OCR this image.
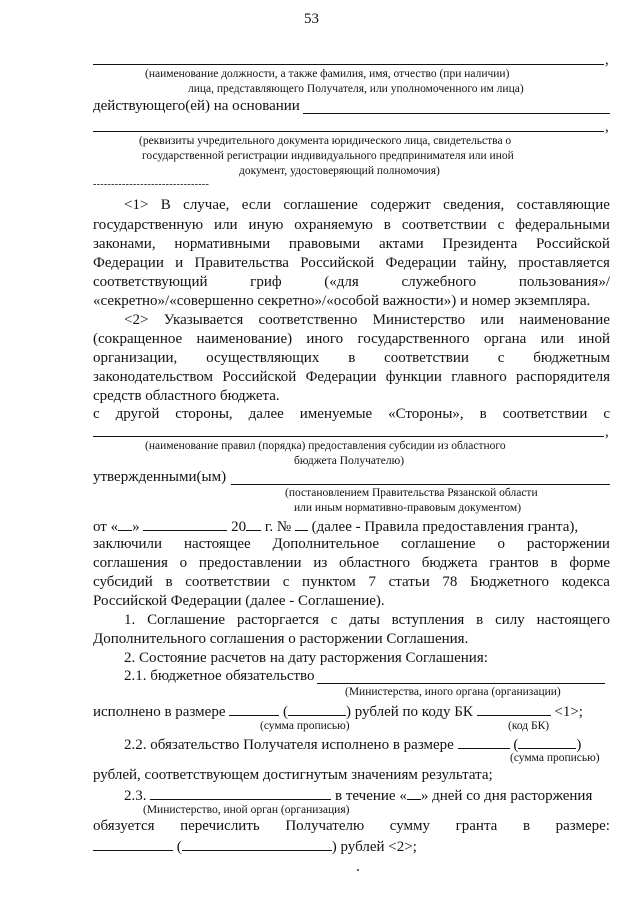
53
,
(наименование должности, а также фамилия, имя, отчество (при наличии)
лица, представляющего Получателя, или уполномоченного им лица)
действующего(ей) на основании
,
(реквизиты учредительного документа юридического лица, свидетельства о
государственной регистрации индивидуального предпринимателя или иной
документ, удостоверяющий полномочия)
--------------------------------
<1> В случае, если соглашение содержит сведения, составляющие
государственную или иную охраняемую в соответствии с федеральными
законами, нормативными правовыми актами Президента Российской
Федерации и Правительства Российской Федерации тайну, проставляется
соответствующий	гриф	(«для	служебного	пользования»/
«секретно»/«совершенно секретно»/«особой важности») и номер экземпляра.
<2> Указывается соответственно Министерство или наименование
(сокращенное наименование) иного государственного органа или иной
организации, осуществляющих в соответствии с бюджетным
законодательством Российской Федерации функции главного распорядителя
средств областного бюджета.
с другой стороны, далее именуемые «Стороны», в соответствии с
,
(наименование правил (порядка) предоставления субсидии из областного
бюджета Получателю)
утвержденными(ым)
(постановлением Правительства Рязанской области
или иным нормативно-правовым документом)
от « »	20 г. № (далее - Правила предоставления гранта),
заключили настоящее Дополнительное соглашение о расторжении
соглашения о предоставлении из областного бюджета грантов в форме
субсидий в соответствии с пунктом 7 статьи 78 Бюджетного кодекса
Российской Федерации (далее - Соглашение).
1. Соглашение расторгается с даты вступления в силу настоящего
Дополнительного соглашения о расторжении Соглашения.
2. Состояние расчетов на дату расторжения Соглашения:
2.1. бюджетное обязательство
(Министерства, иного органа (организации)
исполнено в размере	(	) рублей по коду БК	<1>;
(сумма прописью)	(код БК)
2.2. обязательство Получателя исполнено в размере	(	)
(сумма прописью)
рублей, соответствующем достигнутым значениям результата;
2.3.	в течение « » дней со дня расторжения
(Министерство, иной орган (организация)
обязуется перечислить Получателю сумму гранта в размере:
(	) рублей <2>;
